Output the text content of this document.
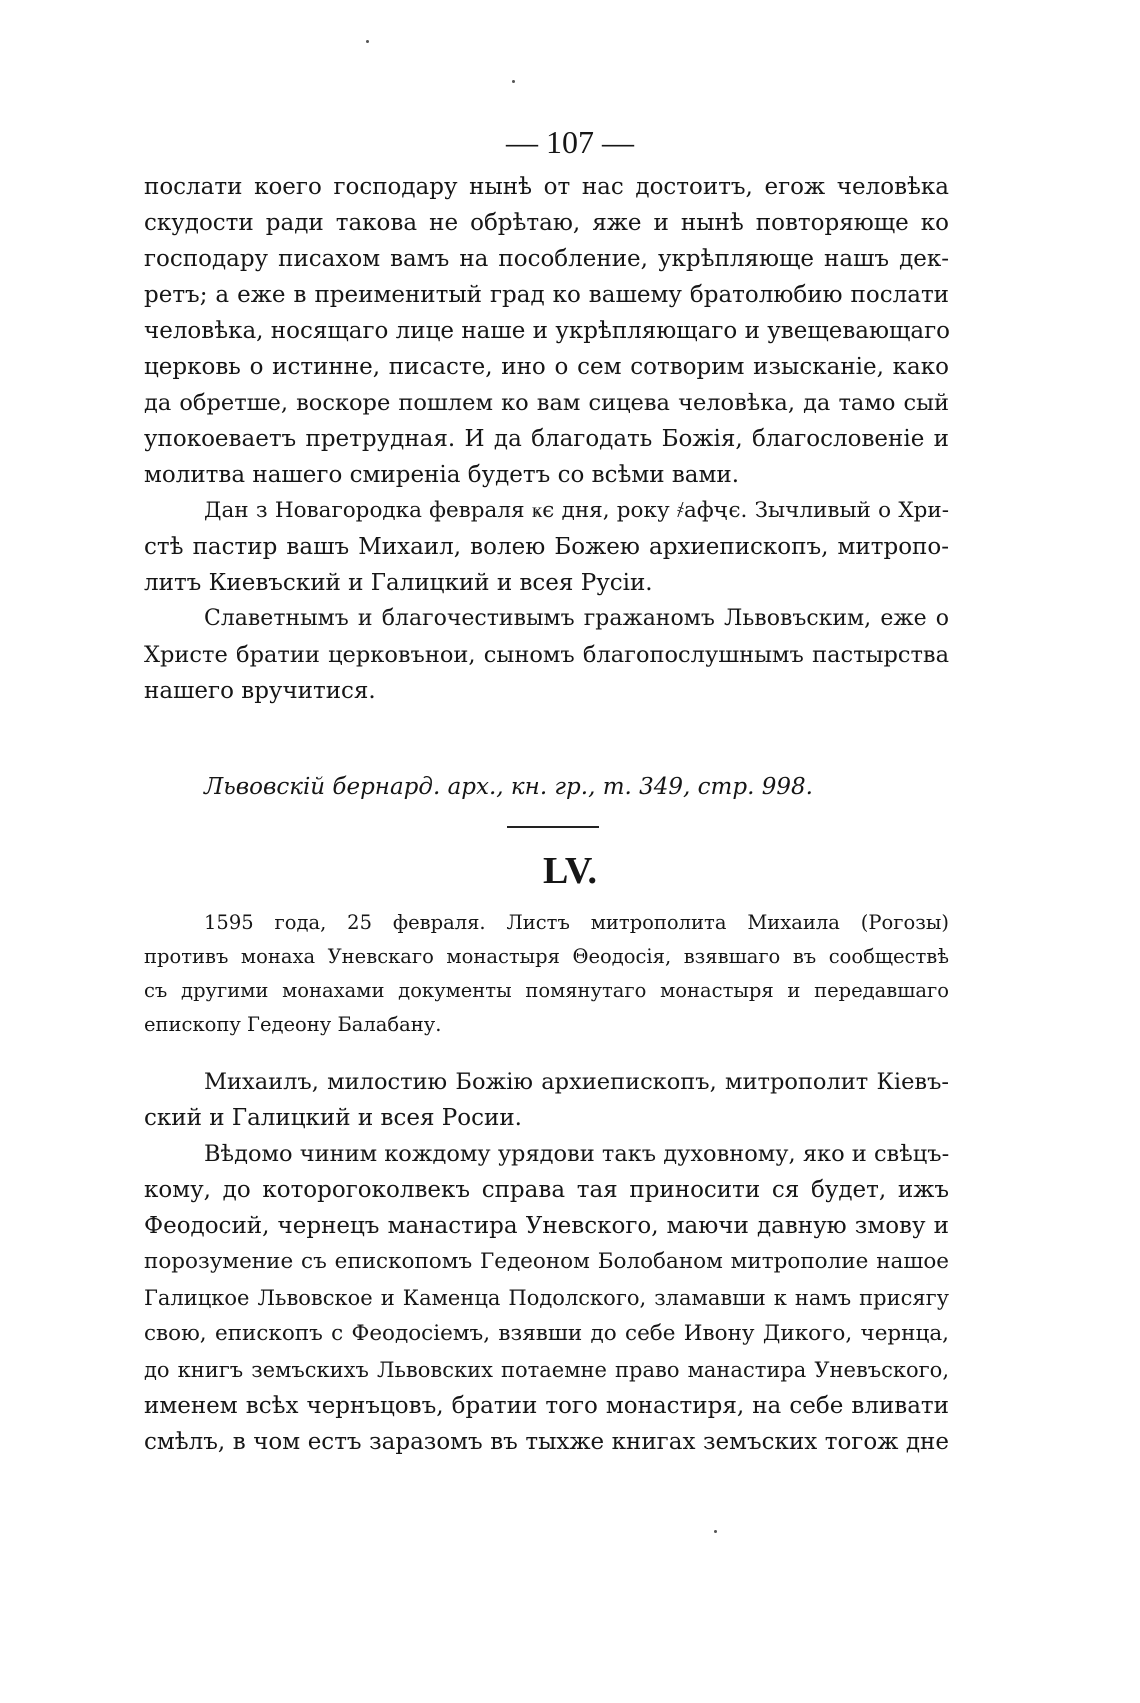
— 107 —
послати коего господару нынѣ от нас достоитъ, егож человѣка
скудости ради такова не обрѣтаю, яже и нынѣ повторяюще ко
господару писахом вамъ на пособление, укрѣпляюще нашъ дек-
ретъ; а еже в преименитый град ко вашему братолюбию послати
человѣка, носящаго лице наше и укрѣпляющаго и увещевающаго
церковь о истинне, писасте, ино о сем сотворим изысканіе, како
да обретше, воскоре пошлем ко вам сицева человѣка, да тамо сый
упокоеваетъ претрудная. И да благодать Божія, благословеніе и
молитва нашего смиреніа будетъ со всѣми вами.
Дан з Новагородка февраля ҝє дня, року ҂афҷє. Зычливый о Хри-
стѣ пастир вашъ Михаил, волею Божею архиепископъ, митропо-
литъ Киевъский и Галицкий и всея Русіи.
Славетнымъ и благочестивымъ гражаномъ Львовъским, еже о
Христе братии церковънои, сыномъ благопослушнымъ пастырства
нашего вручитися.
Львовскій бернард. арх., кн. гр., т. 349, стр. 998.
LV.
1595 года, 25 февраля. Листъ митрополита Михаила (Рогозы)
противъ монаха Уневскаго монастыря Θеодосія, взявшаго въ сообществѣ
съ другими монахами документы помянутаго монастыря и передавшаго
епископу Гедеону Балабану.
Михаилъ, милостию Божію архиепископъ, митрополит Кіевъ-
ский и Галицкий и всея Росии.
Вѣдомо чиним кождому урядови такъ духовному, яко и свѣцъ-
кому, до которогоколвекъ справа тая приносити ся будет, ижъ
Феодосий, чернецъ манастира Уневского, маючи давную змову и
порозумение съ епископомъ Гедеоном Болобаном митрополие нашое
Галицкое Львовское и Каменца Подолского, зламавши к намъ присягу
свою, епископъ с Феодосіемъ, взявши до себе Ивону Дикого, чернца,
до книгъ земъскихъ Львовских потаемне право манастира Уневъского,
именем всѣх чернъцовъ, братии того монастиря, на себе вливати
смѣлъ, в чом естъ заразомъ въ тыхже книгах земъских тогож дне
